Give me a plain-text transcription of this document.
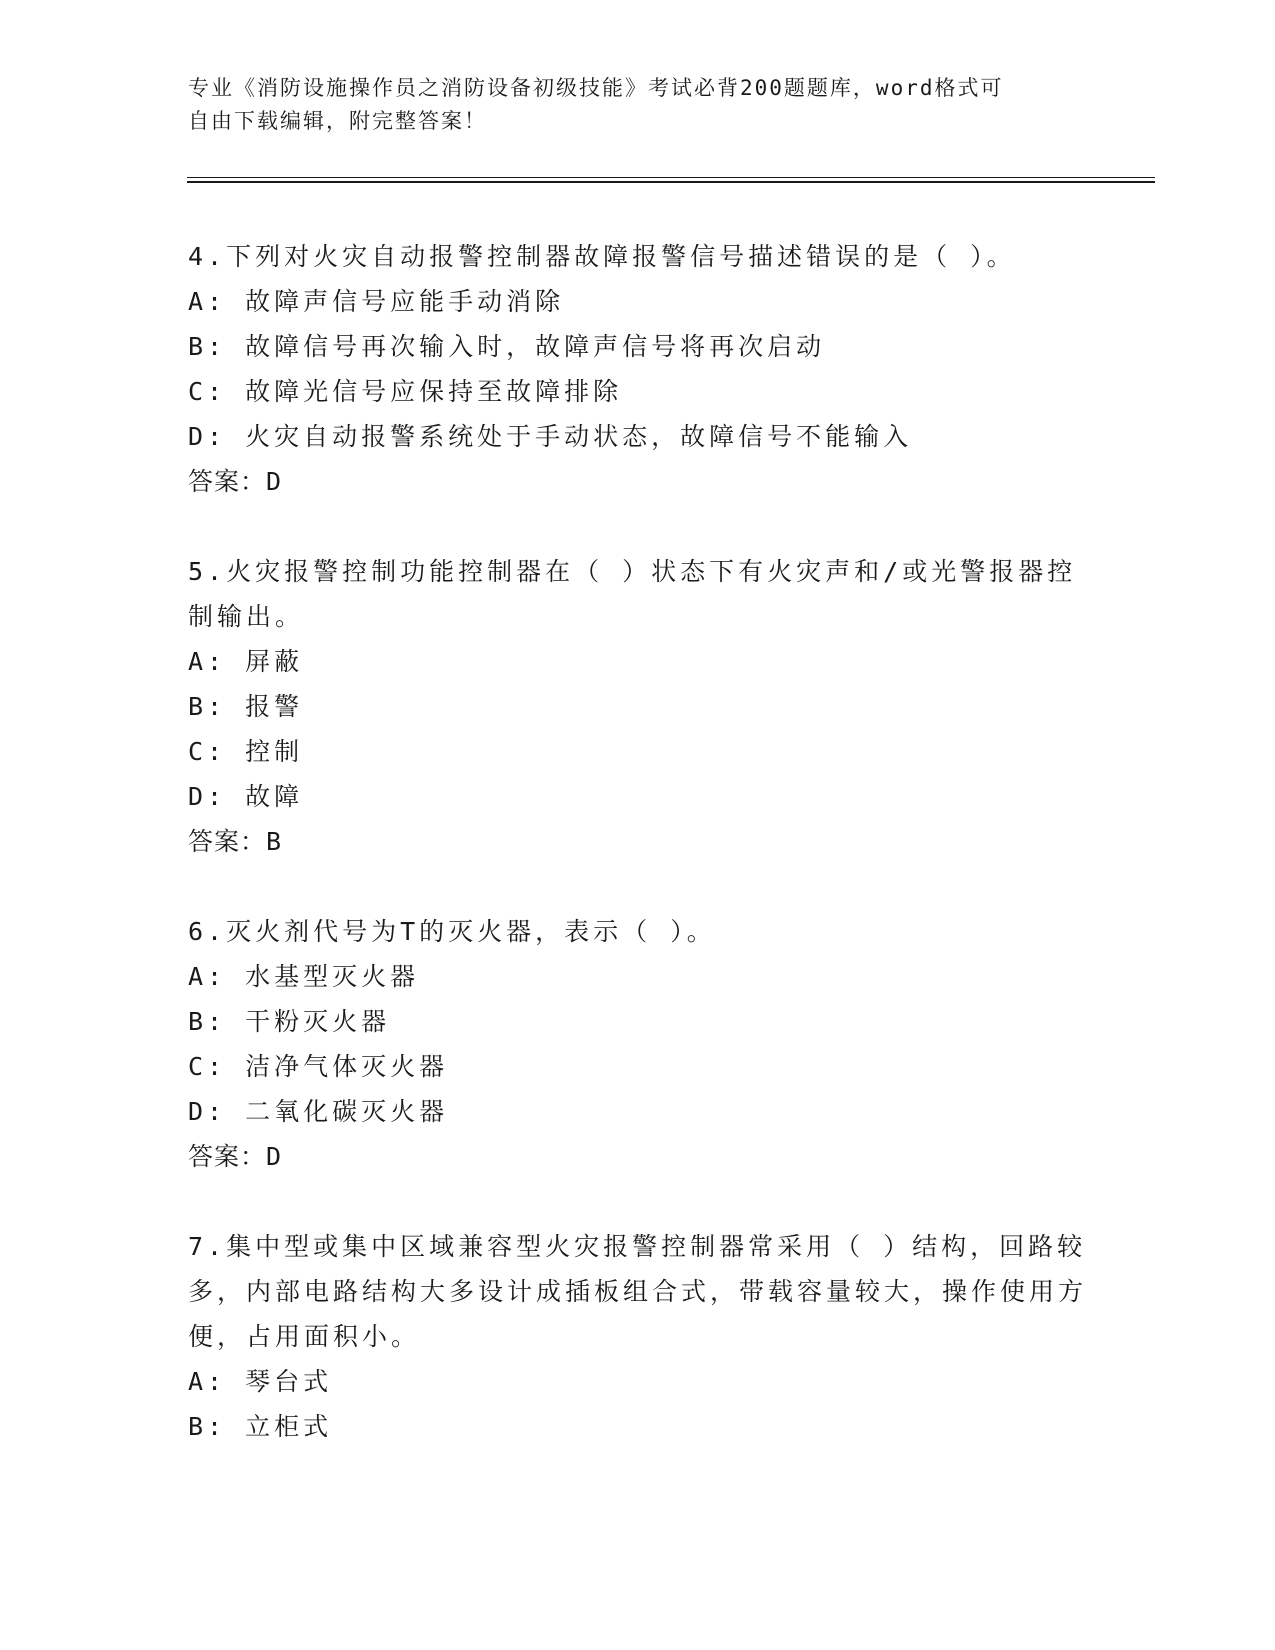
专业《消防设施操作员之消防设备初级技能》考试必背200题题库，word格式可
自由下载编辑，附完整答案！

4.下列对火灾自动报警控制器故障报警信号描述错误的是（ ）。

A: 故障声信号应能手动消除
B: 故障信号再次输入时，故障声信号将再次启动
C: 故障光信号应保持至故障排除
D: 火灾自动报警系统处于手动状态，故障信号不能输入
答案：D

5.火灾报警控制功能控制器在（ ）状态下有火灾声和/或光警报器控制输出。

A: 屏蔽
B: 报警
C: 控制
D: 故障
答案：B

6.灭火剂代号为T的灭火器，表示（ ）。

A: 水基型灭火器
B: 干粉灭火器
C: 洁净气体灭火器
D: 二氧化碳灭火器
答案：D

7.集中型或集中区域兼容型火灾报警控制器常采用（ ）结构，回路较多，内部电路结构大多设计成插板组合式，带载容量较大，操作使用方便，占用面积小。

A: 琴台式
B: 立柜式
